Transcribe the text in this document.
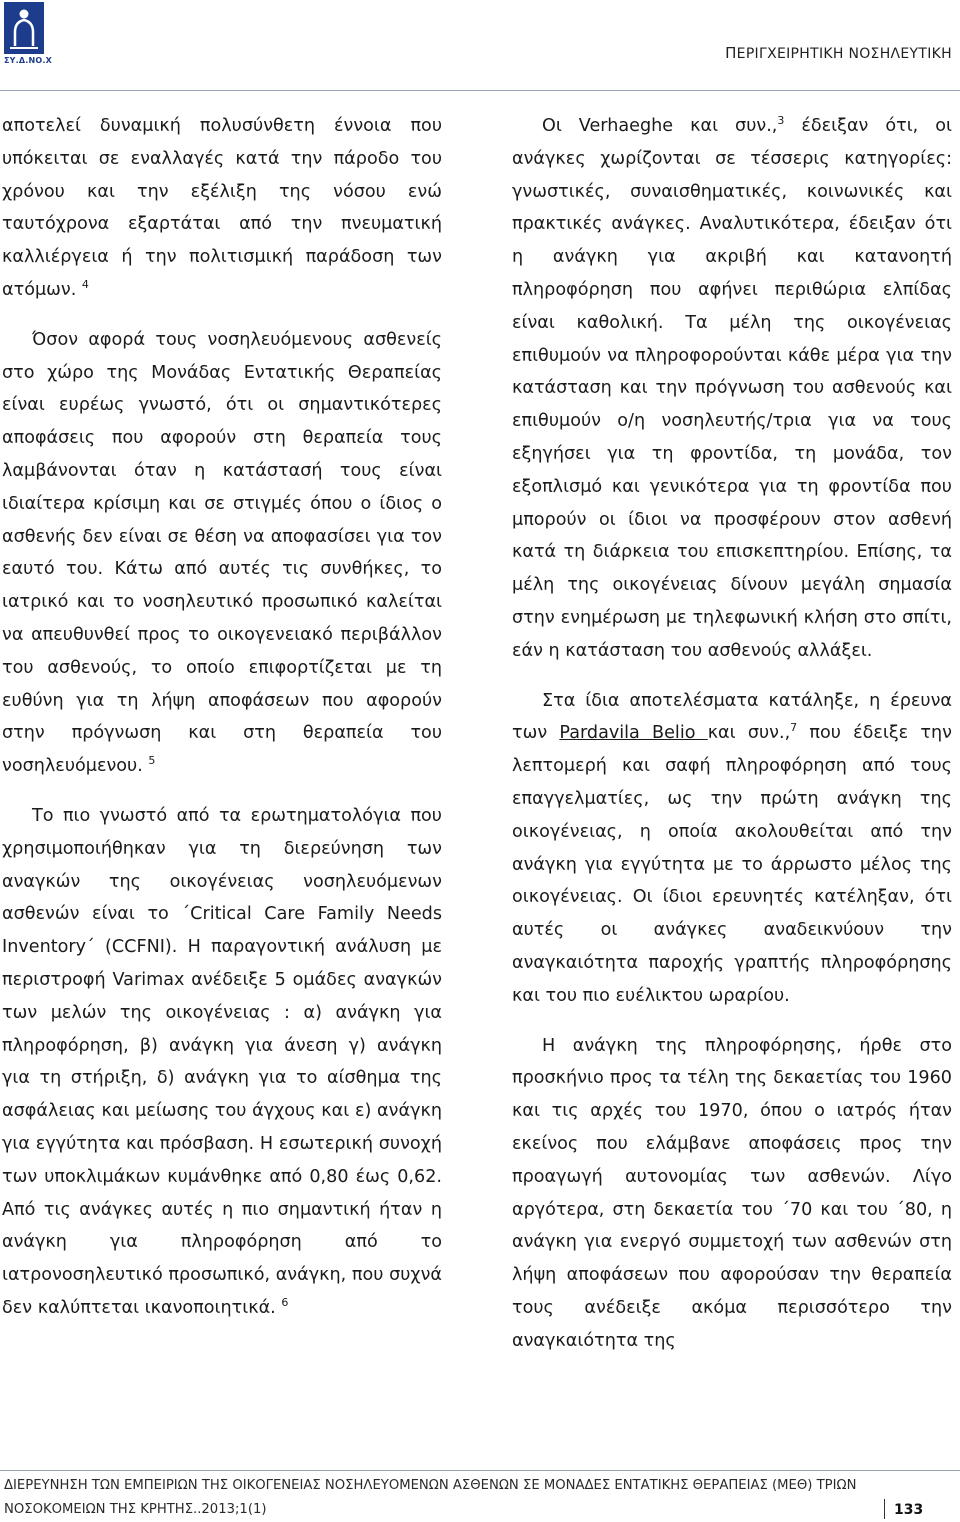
ΣΥ.Δ.ΝΟ.Χ	ΠΕΡΙΓΧΕΙΡΗΤΙΚΗ ΝΟΣΗΛΕΥΤΙΚΗ

αποτελεί δυναμική πολυσύνθετη έννοια που υπόκειται σε εναλλαγές κατά την πάροδο του χρόνου και την εξέλιξη της νόσου ενώ ταυτόχρονα εξαρτάται από την πνευματική καλλιέργεια ή την πολιτισμική παράδοση των ατόμων. $^4$

Όσον αφορά τους νοσηλευόμενους ασθενείς στο χώρο της Μονάδας Εντατικής Θεραπείας είναι ευρέως γνωστό, ότι οι σημαντικότερες αποφάσεις που αφορούν στη θεραπεία τους λαμβάνονται όταν η κατάστασή τους είναι ιδιαίτερα κρίσιμη και σε στιγμές όπου ο ίδιος ο ασθενής δεν είναι σε θέση να αποφασίσει για τον εαυτό του. Κάτω από αυτές τις συνθήκες, το ιατρικό και το νοσηλευτικό προσωπικό καλείται να απευθυνθεί προς το οικογενειακό περιβάλλον του ασθενούς, το οποίο επιφορτίζεται με τη ευθύνη για τη λήψη αποφάσεων που αφορούν στην πρόγνωση και στη θεραπεία του νοσηλευόμενου. $^5$

Το πιο γνωστό από τα ερωτηματολόγια που χρησιμοποιήθηκαν για τη διερεύνηση των αναγκών της οικογένειας νοσηλευόμενων ασθενών είναι το ΄Critical Care Family Needs Inventory΄ (CCFNI). Η παραγοντική ανάλυση με περιστροφή Varimax ανέδειξε 5 ομάδες αναγκών των μελών της οικογένειας : α) ανάγκη για πληροφόρηση, β) ανάγκη για άνεση γ) ανάγκη για τη στήριξη, δ) ανάγκη για το αίσθημα της ασφάλειας και μείωσης του άγχους και ε) ανάγκη για εγγύτητα και πρόσβαση. Η εσωτερική συνοχή των υποκλιμάκων κυμάνθηκε από 0,80 έως 0,62. Από τις ανάγκες αυτές η πιο σημαντική ήταν η ανάγκη για πληροφόρηση από το ιατρονοσηλευτικό προσωπικό, ανάγκη, που συχνά δεν καλύπτεται ικανοποιητικά. $^6$

Οι Verhaeghe και συν.,$^3$ έδειξαν ότι, οι ανάγκες χωρίζονται σε τέσσερις κατηγορίες: γνωστικές, συναισθηματικές, κοινωνικές και πρακτικές ανάγκες. Αναλυτικότερα, έδειξαν ότι η ανάγκη για ακριβή και κατανοητή πληροφόρηση που αφήνει περιθώρια ελπίδας είναι καθολική. Τα μέλη της οικογένειας επιθυμούν να πληροφορούνται κάθε μέρα για την κατάσταση και την πρόγνωση του ασθενούς και επιθυμούν ο/η νοσηλευτής/τρια για να τους εξηγήσει για τη φροντίδα, τη μονάδα, τον εξοπλισμό και γενικότερα για τη φροντίδα που μπορούν οι ίδιοι να προσφέρουν στον ασθενή κατά τη διάρκεια του επισκεπτηρίου. Επίσης, τα μέλη της οικογένειας δίνουν μεγάλη σημασία στην ενημέρωση με τηλεφωνική κλήση στο σπίτι, εάν η κατάσταση του ασθενούς αλλάξει.

Στα ίδια αποτελέσματα κατάληξε, η έρευνα των Pardavila Belio και συν.,$^7$ που έδειξε την λεπτομερή και σαφή πληροφόρηση από τους επαγγελματίες, ως την πρώτη ανάγκη της οικογένειας, η οποία ακολουθείται από την ανάγκη για εγγύτητα με το άρρωστο μέλος της οικογένειας. Οι ίδιοι ερευνητές κατέληξαν, ότι αυτές οι ανάγκες αναδεικνύουν την αναγκαιότητα παροχής γραπτής πληροφόρησης και του πιο ευέλικτου ωραρίου.

Η ανάγκη της πληροφόρησης, ήρθε στο προσκήνιο προς τα τέλη της δεκαετίας του 1960 και τις αρχές του 1970, όπου ο ιατρός ήταν εκείνος που ελάμβανε αποφάσεις προς την προαγωγή αυτονομίας των ασθενών. Λίγο αργότερα, στη δεκαετία του ΄70 και του ΄80, η ανάγκη για ενεργό συμμετοχή των ασθενών στη λήψη αποφάσεων που αφορούσαν την θεραπεία τους ανέδειξε ακόμα περισσότερο την αναγκαιότητα της

ΔΙΕΡΕΥΝΗΣΗ ΤΩΝ ΕΜΠΕΙΡΙΩΝ ΤΗΣ ΟΙΚΟΓΕΝΕΙΑΣ ΝΟΣΗΛΕΥΟΜΕΝΩΝ ΑΣΘΕΝΩΝ ΣΕ ΜΟΝΑΔΕΣ ΕΝΤΑΤΙΚΗΣ ΘΕΡΑΠΕΙΑΣ (ΜΕΘ) ΤΡΙΩΝ
ΝΟΣΟΚΟΜΕΙΩΝ ΤΗΣ ΚΡΗΤΗΣ..2013;1(1)	133
